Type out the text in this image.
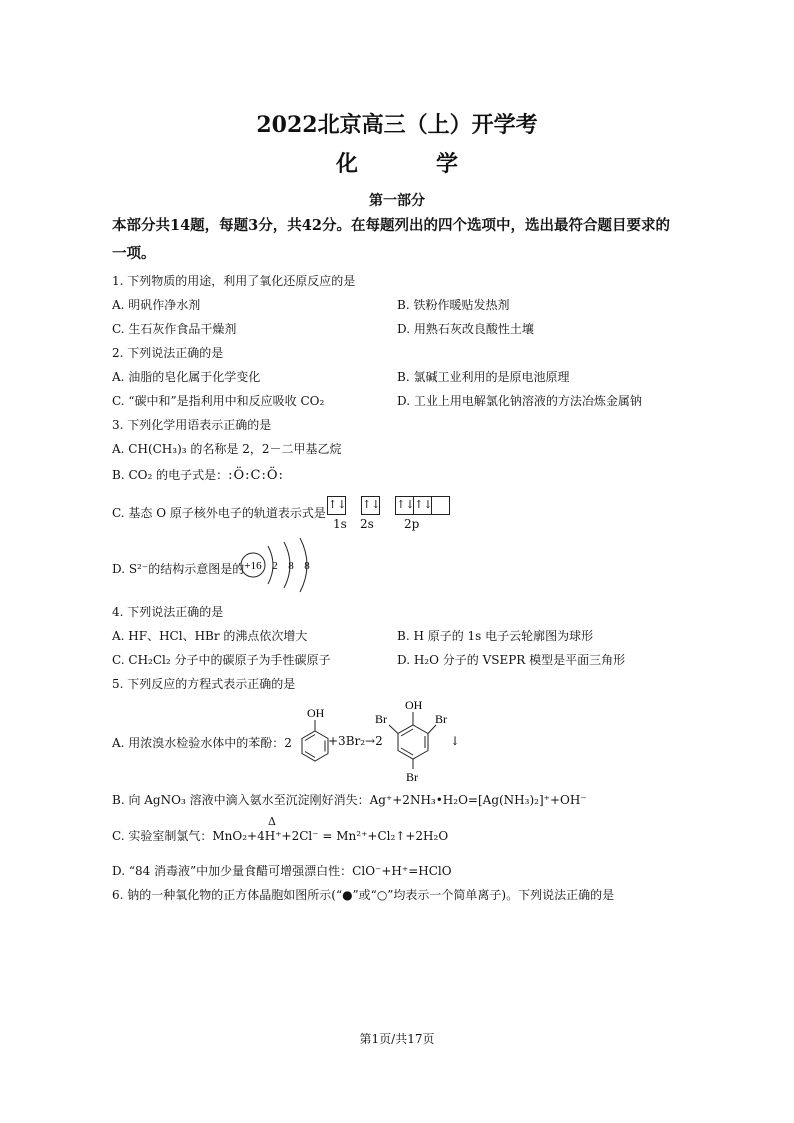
2022北京高三（上）开学考
化　学
第一部分
本部分共14题，每题3分，共42分。在每题列出的四个选项中，选出最符合题目要求的一项。
1. 下列物质的用途，利用了氧化还原反应的是
A. 明矾作净水剂	B. 铁粉作暖贴发热剂
C. 生石灰作食品干燥剂	D. 用熟石灰改良酸性土壤
2. 下列说法正确的是
A. 油脂的皂化属于化学变化	B. 氯碱工业利用的是原电池原理
C. “碳中和”是指利用中和反应吸收 CO₂	D. 工业上用电解氯化钠溶液的方法冶炼金属钠
3. 下列化学用语表示正确的是
A. CH(CH₃)₃ 的名称是 2，2－二甲基乙烷
B. CO₂ 的电子式是：:Ö:C:Ö:
C. 基态 O 原子核外电子的轨道表示式是
↑↓ ↑↓ ↑↓↑↓
1s 2s	2p
D. S²⁻的结构示意图是的 +16 2 8 8
4. 下列说法正确的是
A. HF、HCl、HBr 的沸点依次增大	B. H 原子的 1s 电子云轮廓图为球形
C. CH₂Cl₂ 分子中的碳原子为手性碳原子	D. H₂O 分子的 VSEPR 模型是平面三角形
5. 下列反应的方程式表示正确的是
A. 用浓溴水检验水体中的苯酚：2
OH
+3Br₂→2
OH
Br	Br
Br
↓
B. 向 AgNO₃ 溶液中滴入氨水至沉淀刚好消失：Ag⁺+2NH₃•H₂O=[Ag(NH₃)₂]⁺+OH⁻
Δ
C. 实验室制氯气：MnO₂+4H⁺+2Cl⁻ = Mn²⁺+Cl₂↑+2H₂O
D. “84 消毒液”中加少量食醋可增强漂白性：ClO⁻+H⁺=HClO
6. 钠的一种氧化物的正方体晶胞如图所示(“●”或“○”均表示一个简单离子)。下列说法正确的是
第1页/共17页
